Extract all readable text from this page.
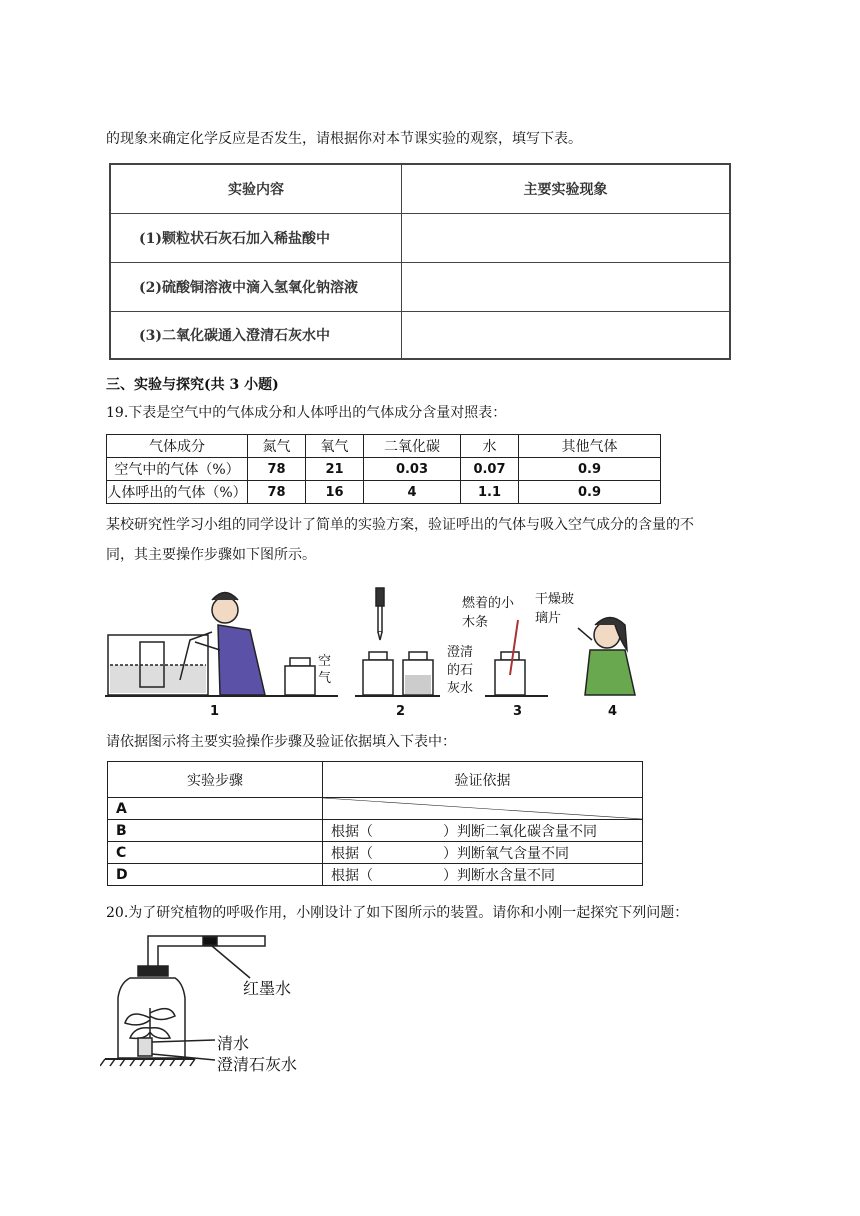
的现象来确定化学反应是否发生，请根据你对本节课实验的观察，填写下表。
实验内容	主要实验现象
(1)颗粒状石灰石加入稀盐酸中	
(2)硫酸铜溶液中滴入氢氧化钠溶液	
(3)二氧化碳通入澄清石灰水中	
三、实验与探究(共 3 小题)
19.下表是空气中的气体成分和人体呼出的气体成分含量对照表：
气体成分	氮气	氧气	二氧化碳	水	其他气体
空气中的气体（%）	78	21	0.03	0.07	0.9
人体呼出的气体（%）	78	16	4	1.1	0.9
某校研究性学习小组的同学设计了简单的实验方案，验证呼出的气体与吸入空气成分的含量的不
同，其主要操作步骤如下图所示。
空气
澄清的石灰水
燃着的小木条
干燥玻璃片
1	2	3	4
请依据图示将主要实验操作步骤及验证依据填入下表中：
实验步骤	验证依据
A	

B	根据（ ）判断二氧化碳含量不同
C	根据（ ）判断氧气含量不同
D	根据（ ）判断水含量不同
20.为了研究植物的呼吸作用，小刚设计了如下图所示的装置。请你和小刚一起探究下列问题：
红墨水
清水
澄清石灰水
